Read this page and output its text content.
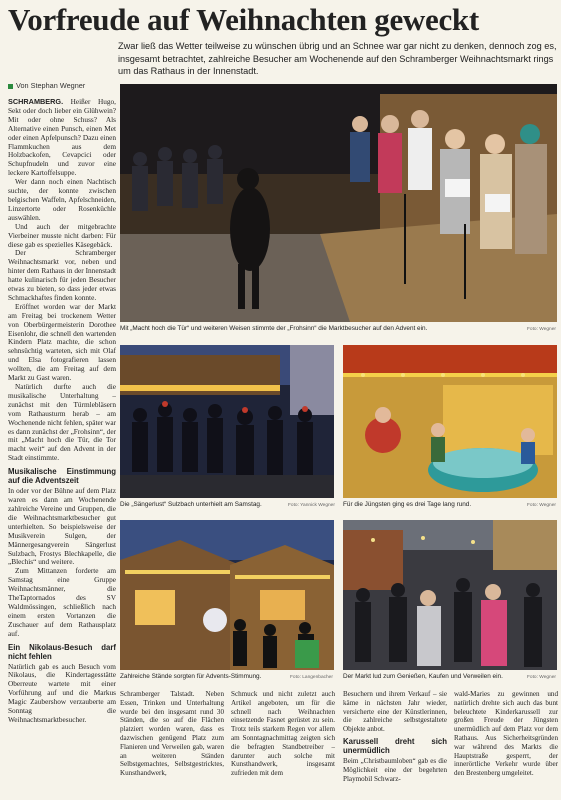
Vorfreude auf Weihnachten geweckt
Zwar ließ das Wetter teilweise zu wünschen übrig und an Schnee war gar nicht zu denken, dennoch zog es, insgesamt betrachtet, zahlreiche Besucher am Wochenende auf den Schramberger Weihnachtsmarkt rings um das Rathaus in der Innenstadt.
Von Stephan Wegner

SCHRAMBERG. Heißer Hugo, Sekt oder doch lieber ein Glühwein? Mit oder ohne Schuss? Als Alternative einen Punsch, einen Met oder einen Apfelpunsch? Dazu einen Flammkuchen aus dem Holzbackofen, Cevapcici oder Schupfnudeln und zuvor eine leckere Kartoffelsuppe.

Wer dann noch einen Nachtisch suchte, der konnte zwischen belgischen Waffeln, Apfelschneiden, Linzertorte oder Rosenküchle auswählen.

Und auch der mitgebrachte Vierbeiner musste nicht darben: Für diese gab es spezielles Käsegebäck.

Der Schramberger Weihnachtsmarkt vor, neben und hinter dem Rathaus in der Innenstadt hatte kulinarisch für jeden Besucher etwas zu bieten, so dass jeder etwas Schmackhaftes finden konnte.

Eröffnet worden war der Markt am Freitag bei trockenem Wetter von Oberbürgermeisterin Dorothee Eisenlohr, die schnell den wartenden Kindern Platz machte, die schon sehnsüchtig warteten, sich mit Olaf und Elsa fotografieren lassen wollten, die am Freitag auf dem Markt zu Gast waren.

Natürlich durfte auch die musikalische Unterhaltung – zunächst mit den Türmlebläsern vom Rathausturm herab – am Wochenende nicht fehlen, später war es dann zunächst der „Frohsinn“, der mit „Macht hoch die Tür, die Tor macht weit“ auf den Advent in der Stadt einstimmte.

Musikalische Einstimmung auf die Adventszeit

In oder vor der Bühne auf dem Platz waren es dann am Wochenende zahlreiche Vereine und Gruppen, die die Weihnachtsmarktbesucher gut unterhielten. So beispielsweise der Musikverein Sulgen, der Männergesangverein Sängerlust Sulzbach, Frostys Blechkapelle, die „Blechis“ und weitere.

Zum Mittanzen forderte am Samstag eine Gruppe Weihnachtsmänner, die TheTaptornados des SV Waldmössingen, schließlich nach einem ersten Vortanzen die Zuschauer auf dem Rathausplatz auf.

Ein Nikolaus-Besuch darf nicht fehlen

Natürlich gab es auch Besuch vom Nikolaus, die Kindertagesstätte Oberreute wartete mit einer Vorführung auf und die Markus Magic Zaubershow verzauberte am Sonntag die Weihnachtsmarktbesucher.

Mit „Macht hoch die Tür“ und weiteren Weisen stimmte der „Frohsinn“ die Marktbesucher auf den Advent ein.	Foto: Wegner
Die „Sängerlust“ Sulzbach unterhielt am Samstag.	Foto: Yannick Wegner Für die Jüngsten ging es drei Tage lang rund.	Foto: Wegner
Zahlreiche Stände sorgten für Advents-Stimmung.	Foto: Langenbacher Der Markt lud zum Genießen, Kaufen und Verweilen ein.	Foto: Wegner

Schramberger Talstadt. Neben Essen, Trinken und Unterhaltung wurde bei den insgesamt rund 30 Ständen, die so auf die Flächen platziert worden waren, dass es dazwischen genügend Platz zum Flanieren und Verweilen gab, waren an weiteren Ständen Selbstgemachtes, Selbstgestricktes, Kunsthandwerk,

Schmuck und nicht zuletzt auch Artikel angeboten, um für die schnell nach Weihnachten einsetzende Fasnet gerüstet zu sein. Trotz teils starkem Regen vor allem am Sonntagnachmittag zeigten sich die befragten Standbetreiber – darunter auch solche mit Kunsthandwerk, insgesamt zufrieden mit dem

Besuchern und ihrem Verkauf – sie käme in nächsten Jahr wieder, versicherte eine der Künstlerinnen, die zahlreiche selbstgestaltete Objekte anbot.

Karussell dreht sich unermüdlich

Beim „Christbaumloben“ gab es die Möglichkeit eine der begehrten Playmobil Schwarz-

wald-Maries zu gewinnen und natürlich drehte sich auch das bunt beleuchtete Kinderkarussell zur großen Freude der Jüngsten unermüdlich auf dem Platz vor dem Rathaus. Aus Sicherheitsgründen war während des Markts die Hauptstraße gesperrt, der innerörtliche Verkehr wurde über den Brestenberg umgeleitet.
